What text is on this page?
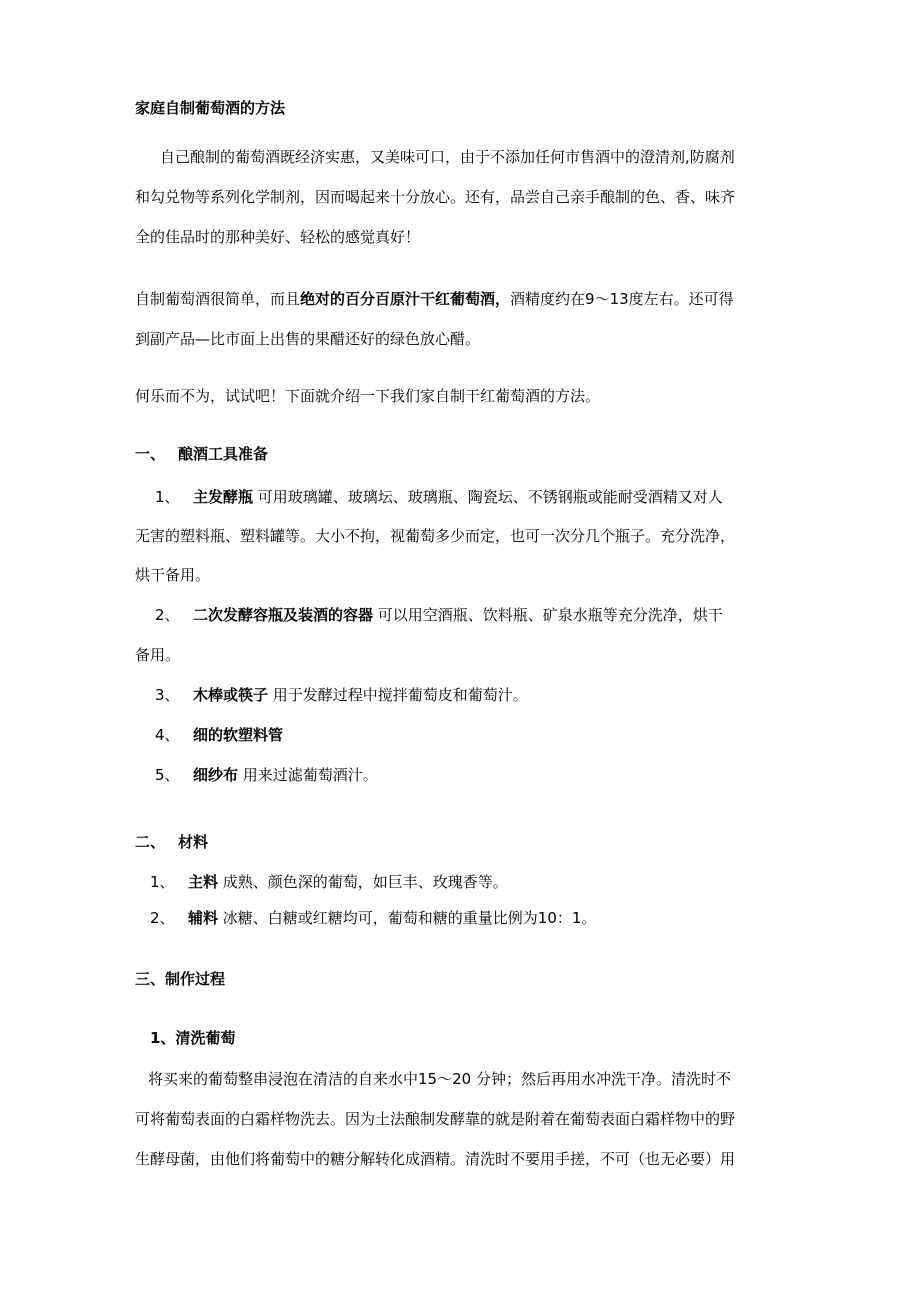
家庭自制葡萄酒的方法
自己酿制的葡萄酒既经济实惠，又美味可口，由于不添加任何市售酒中的澄清剂,防腐剂
和勾兑物等系列化学制剂，因而喝起来十分放心。还有，品尝自己亲手酿制的色、香、味齐
全的佳品时的那种美好、轻松的感觉真好！
自制葡萄酒很简单，而且绝对的百分百原汁干红葡萄酒，酒精度约在9～13度左右。还可得
到副产品—比市面上出售的果醋还好的绿色放心醋。
何乐而不为，试试吧！下面就介绍一下我们家自制干红葡萄酒的方法。
一、 酿酒工具准备
1、 主发酵瓶 可用玻璃罐、玻璃坛、玻璃瓶、陶瓷坛、不锈钢瓶或能耐受酒精又对人
无害的塑料瓶、塑料罐等。大小不拘，视葡萄多少而定，也可一次分几个瓶子。充分洗净，
烘干备用。
2、 二次发酵容瓶及装酒的容器 可以用空酒瓶、饮料瓶、矿泉水瓶等充分洗净，烘干
备用。
3、 木棒或筷子 用于发酵过程中搅拌葡萄皮和葡萄汁。
4、 细的软塑料管
5、 细纱布 用来过滤葡萄酒汁。
二、 材料
1、 主料 成熟、颜色深的葡萄，如巨丰、玫瑰香等。
2、 辅料 冰糖、白糖或红糖均可，葡萄和糖的重量比例为10：1。
三、制作过程
1、清洗葡萄
将买来的葡萄整串浸泡在清洁的自来水中15～20 分钟；然后再用水冲洗干净。清洗时不
可将葡萄表面的白霜样物洗去。因为土法酿制发酵靠的就是附着在葡萄表面白霜样物中的野
生酵母菌，由他们将葡萄中的糖分解转化成酒精。清洗时不要用手搓，不可（也无必要）用
